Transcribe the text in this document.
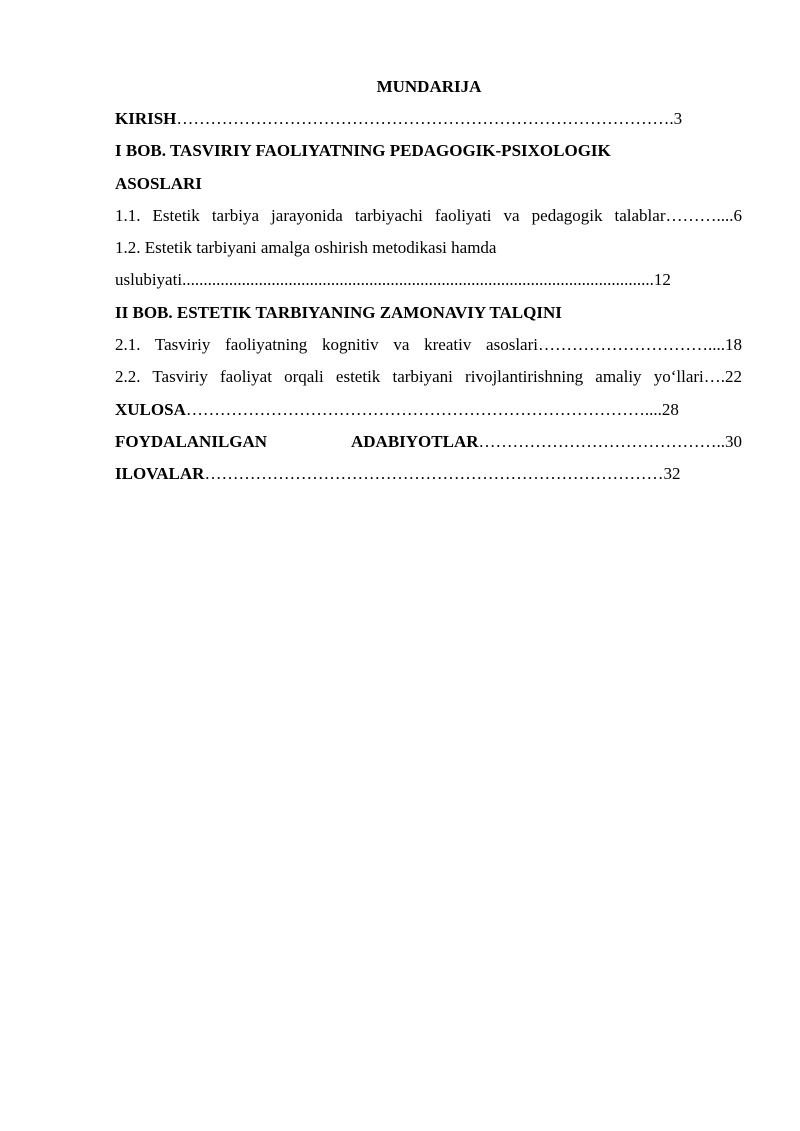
MUNDARIJA
KIRISH…………………………………………………………………………….3
I BOB. TASVIRIY FAOLIYATNING PEDAGOGIK-PSIXOLOGIK
ASOSLARI
1.1. Estetik tarbiya jarayonida tarbiyachi faoliyati va pedagogik talablar………....6
1.2. Estetik tarbiyani amalga oshirish metodikasi hamda
uslubiyati...............................................................................................................12
II BOB. ESTETIK TARBIYANING ZAMONAVIY TALQINI
2.1. Tasviriy faoliyatning kognitiv va kreativ asoslari…………………………....18
2.2. Tasviriy faoliyat orqali estetik tarbiyani rivojlantirishning amaliy yo‘llari….22
XULOSA………………………………………………………………………....28
FOYDALANILGAN ADABIYOTLAR……………………………………..30
ILOVALAR………………………………………………………………………32
